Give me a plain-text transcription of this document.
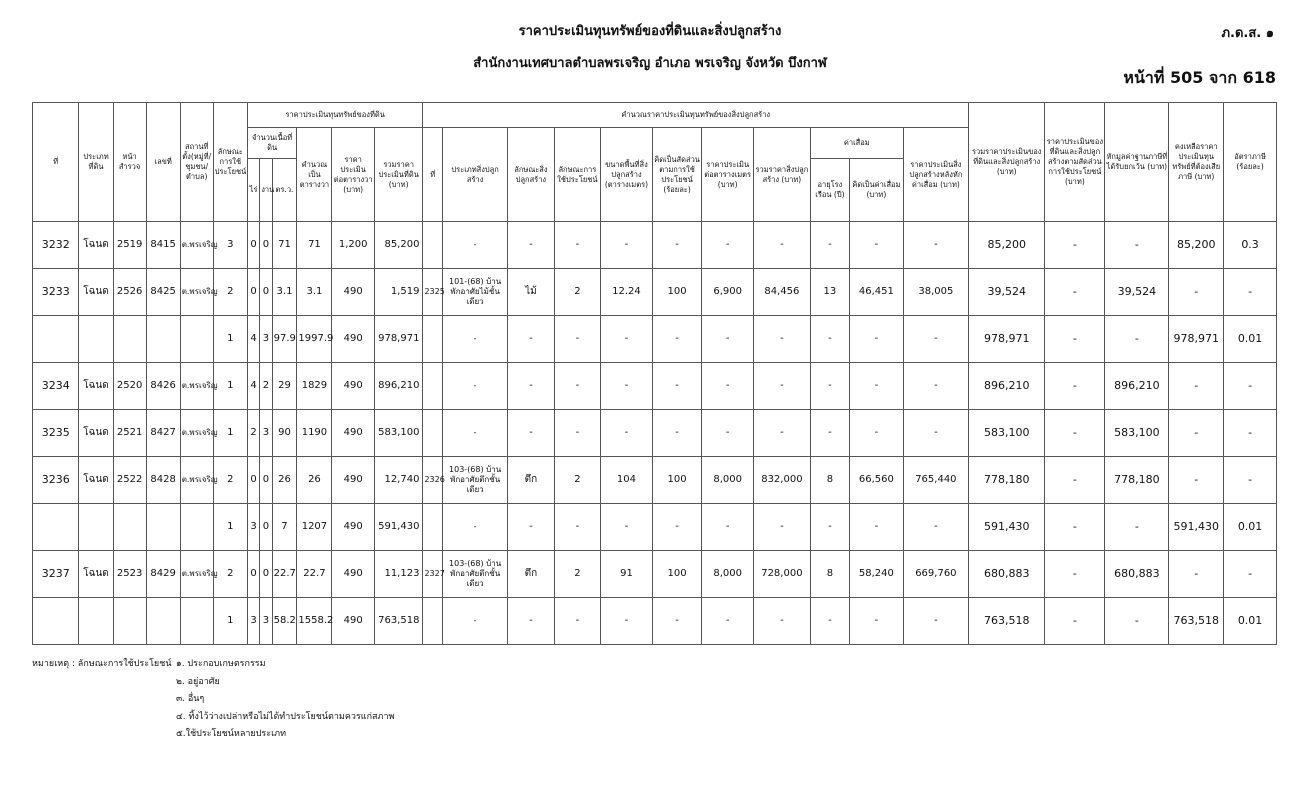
ราคาประเมินทุนทรัพย์ของที่ดินและสิ่งปลูกสร้าง
สำนักงานเทศบาลตำบลพรเจริญ อำเภอ พรเจริญ จังหวัด บึงกาฬ
ภ.ด.ส. ๑
หน้าที่ 505 จาก 618
ที่	ประเภทที่ดิน	หน้าสำรวจ	เลขที่	สถานที่ตั้ง(หมู่ที่/ชุมชน/ตำบล)	ลักษณะการใช้ประโยชน์	ราคาประเมินทุนทรัพย์ของที่ดิน						คำนวณราคาประเมินทุนทรัพย์ของสิ่งปลูกสร้าง											รวมราคาประเมินของที่ดินและสิ่งปลูกสร้าง (บาท)	ราคาประเมินของที่ดินและสิ่งปลูกสร้างตามสัดส่วนการใช้ประโยชน์ (บาท)	หักมูลค่าฐานภาษีที่ได้รับยกเว้น (บาท)	คงเหลือราคาประเมินทุนทรัพย์ที่ต้องเสียภาษี (บาท)	อัตราภาษี (ร้อยละ)
						จำนวนเนื้อที่ดิน			คำนวณเป็นตารางวา	ราคาประเมินต่อตารางวา (บาท)	รวมราคาประเมินที่ดิน (บาท)	ที่	ประเภทสิ่งปลูกสร้าง	ลักษณะสิ่งปลูกสร้าง	ลักษณะการใช้ประโยชน์	ขนาดพื้นที่สิ่งปลูกสร้าง (ตารางเมตร)	คิดเป็นสัดส่วนตามการใช้ประโยชน์ (ร้อยละ)	ราคาประเมินต่อตารางเมตร (บาท)	รวมราคาสิ่งปลูกสร้าง (บาท)	ค่าเสื่อม		ราคาประเมินสิ่งปลูกสร้างหลังหักค่าเสื่อม (บาท)					
						ไร่	งาน	ตร.ว.												อายุโรงเรือน (ปี)	คิดเป็นค่าเสื่อม (บาท)						
3232	โฉนด	2519	8415	ต.พรเจริญ	3	0	0	71	71	1,200	85,200		-	-	-	-	-	-	-	-	-	-	85,200	-	-	85,200	0.3
3233	โฉนด	2526	8425	ต.พรเจริญ	2	0	0	3.1	3.1	490	1,519	2325	101-(68) บ้านพักอาศัยไม้ชั้นเดียว	ไม้	2	12.24	100	6,900	84,456	13	46,451	38,005	39,524	-	39,524	-	-
					1	4	3	97.9	1997.9	490	978,971		-	-	-	-	-	-	-	-	-	-	978,971	-	-	978,971	0.01
3234	โฉนด	2520	8426	ต.พรเจริญ	1	4	2	29	1829	490	896,210		-	-	-	-	-	-	-	-	-	-	896,210	-	896,210	-	-
3235	โฉนด	2521	8427	ต.พรเจริญ	1	2	3	90	1190	490	583,100		-	-	-	-	-	-	-	-	-	-	583,100	-	583,100	-	-
3236	โฉนด	2522	8428	ต.พรเจริญ	2	0	0	26	26	490	12,740	2326	103-(68) บ้านพักอาศัยตึกชั้นเดียว	ตึก	2	104	100	8,000	832,000	8	66,560	765,440	778,180	-	778,180	-	-
					1	3	0	7	1207	490	591,430		-	-	-	-	-	-	-	-	-	-	591,430	-	-	591,430	0.01
3237	โฉนด	2523	8429	ต.พรเจริญ	2	0	0	22.7	22.7	490	11,123	2327	103-(68) บ้านพักอาศัยตึกชั้นเดียว	ตึก	2	91	100	8,000	728,000	8	58,240	669,760	680,883	-	680,883	-	-
					1	3	3	58.2	1558.2	490	763,518		-	-	-	-	-	-	-	-	-	-	763,518	-	-	763,518	0.01
หมายเหตุ : ลักษณะการใช้ประโยชน์ ๑. ประกอบเกษตรกรรม
๒. อยู่อาศัย
๓. อื่นๆ
๔. ทิ้งไว้ว่างเปล่าหรือไม่ได้ทำประโยชน์ตามควรแก่สภาพ
๕.ใช้ประโยชน์หลายประเภท
